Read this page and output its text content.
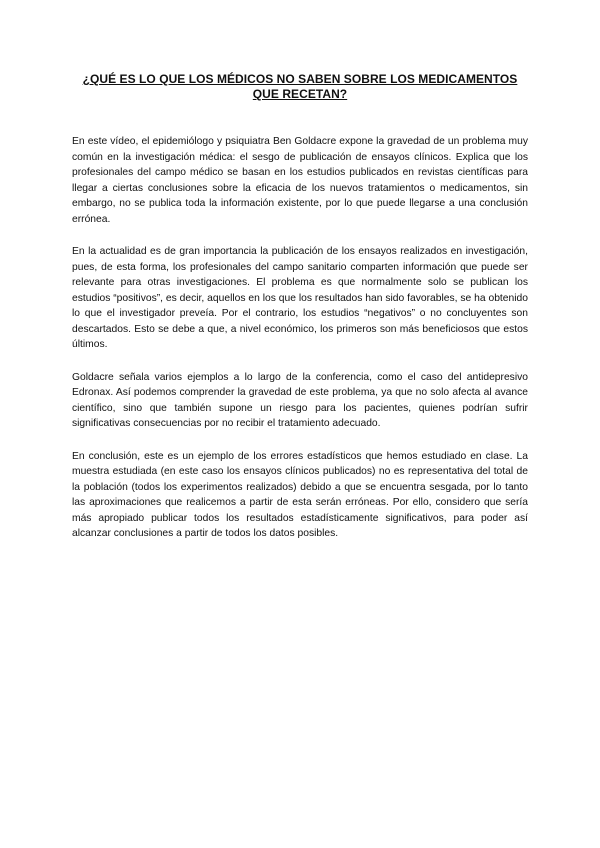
¿QUÉ ES LO QUE LOS MÉDICOS NO SABEN SOBRE LOS MEDICAMENTOS QUE RECETAN?

En este vídeo, el epidemiólogo y psiquiatra Ben Goldacre expone la gravedad de un problema muy común en la investigación médica: el sesgo de publicación de ensayos clínicos. Explica que los profesionales del campo médico se basan en los estudios publicados en revistas científicas para llegar a ciertas conclusiones sobre la eficacia de los nuevos tratamientos o medicamentos, sin embargo, no se publica toda la información existente, por lo que puede llegarse a una conclusión errónea.

En la actualidad es de gran importancia la publicación de los ensayos realizados en investigación, pues, de esta forma, los profesionales del campo sanitario comparten información que puede ser relevante para otras investigaciones. El problema es que normalmente solo se publican los estudios “positivos”, es decir, aquellos en los que los resultados han sido favorables, se ha obtenido lo que el investigador preveía. Por el contrario, los estudios “negativos” o no concluyentes son descartados. Esto se debe a que, a nivel económico, los primeros son más beneficiosos que estos últimos.

Goldacre señala varios ejemplos a lo largo de la conferencia, como el caso del antidepresivo Edronax. Así podemos comprender la gravedad de este problema, ya que no solo afecta al avance científico, sino que también supone un riesgo para los pacientes, quienes podrían sufrir significativas consecuencias por no recibir el tratamiento adecuado.

En conclusión, este es un ejemplo de los errores estadísticos que hemos estudiado en clase. La muestra estudiada (en este caso los ensayos clínicos publicados) no es representativa del total de la población (todos los experimentos realizados) debido a que se encuentra sesgada, por lo tanto las aproximaciones que realicemos a partir de esta serán erróneas. Por ello, considero que sería más apropiado publicar todos los resultados estadísticamente significativos, para poder así alcanzar conclusiones a partir de todos los datos posibles.
